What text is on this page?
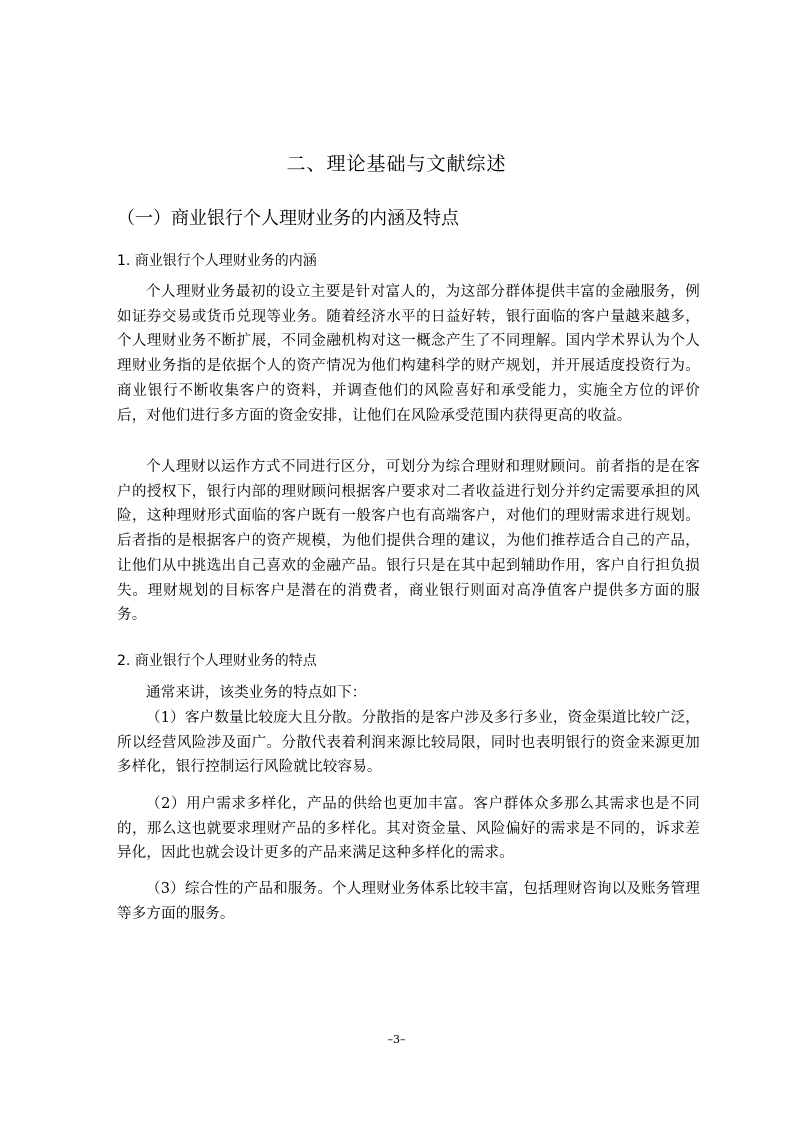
二、理论基础与文献综述
（一）商业银行个人理财业务的内涵及特点
1. 商业银行个人理财业务的内涵

个人理财业务最初的设立主要是针对富人的，为这部分群体提供丰富的金融服务，例如证券交易或货币兑现等业务。随着经济水平的日益好转，银行面临的客户量越来越多，个人理财业务不断扩展，不同金融机构对这一概念产生了不同理解。国内学术界认为个人理财业务指的是依据个人的资产情况为他们构建科学的财产规划，并开展适度投资行为。商业银行不断收集客户的资料，并调查他们的风险喜好和承受能力，实施全方位的评价后，对他们进行多方面的资金安排，让他们在风险承受范围内获得更高的收益。

个人理财以运作方式不同进行区分，可划分为综合理财和理财顾问。前者指的是在客户的授权下，银行内部的理财顾问根据客户要求对二者收益进行划分并约定需要承担的风险，这种理财形式面临的客户既有一般客户也有高端客户，对他们的理财需求进行规划。后者指的是根据客户的资产规模，为他们提供合理的建议，为他们推荐适合自己的产品，让他们从中挑选出自己喜欢的金融产品。银行只是在其中起到辅助作用，客户自行担负损失。理财规划的目标客户是潜在的消费者，商业银行则面对高净值客户提供多方面的服务。

2. 商业银行个人理财业务的特点

通常来讲，该类业务的特点如下：

（1）客户数量比较庞大且分散。分散指的是客户涉及多行多业，资金渠道比较广泛，所以经营风险涉及面广。分散代表着利润来源比较局限，同时也表明银行的资金来源更加多样化，银行控制运行风险就比较容易。

（2）用户需求多样化，产品的供给也更加丰富。客户群体众多那么其需求也是不同的，那么这也就要求理财产品的多样化。其对资金量、风险偏好的需求是不同的，诉求差异化，因此也就会设计更多的产品来满足这种多样化的需求。

（3）综合性的产品和服务。个人理财业务体系比较丰富，包括理财咨询以及账务管理等多方面的服务。

–3–
